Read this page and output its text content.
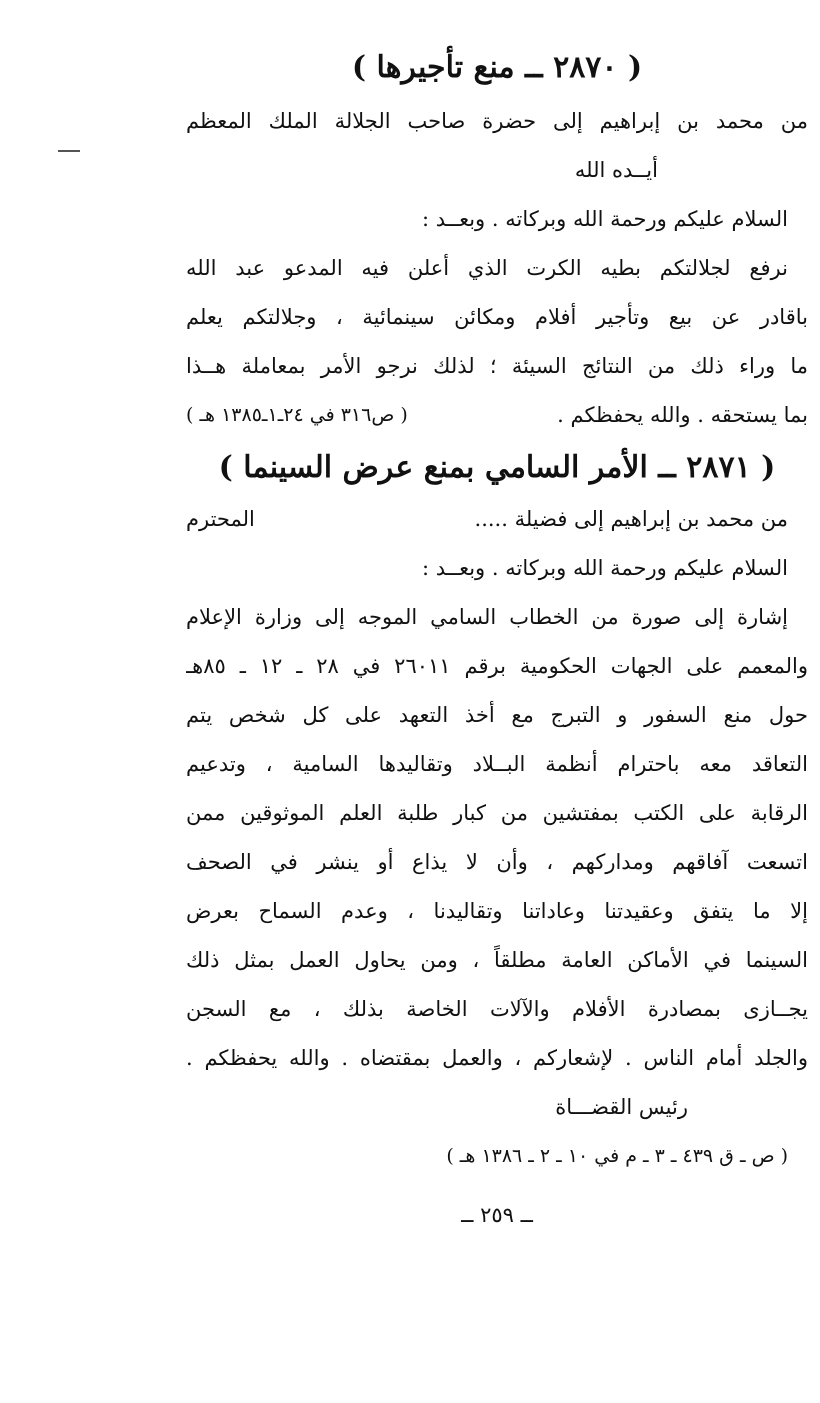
( ٢٨٧٠ ــ منع تأجيرها )

من محمد بن إبراهيم إلى حضرة صاحب الجلالة الملك المعظم

أيــده الله

السلام عليكم ورحمة الله وبركاته . وبعــد :

نرفع لجلالتكم بطيه الكرت الذي أعلن فيه المدعو عبد الله

باقادر عن بيع وتأجير أفلام ومكائن سينمائية ، وجلالتكم يعلم

ما وراء ذلك من النتائج السيئة ؛ لذلك نرجو الأمر بمعاملة هــذا

بما يستحقه . والله يحفظكم .
( ص٣١٦ في ٢٤ـ١ـ١٣٨٥ هـ )
( ٢٨٧١ ــ الأمر السامي بمنع عرض السينما )
من محمد بن إبراهيم إلى فضيلة .....
المحترم

السلام عليكم ورحمة الله وبركاته . وبعــد :

إشارة إلى صورة من الخطاب السامي الموجه إلى وزارة الإعلام

والمعمم على الجهات الحكومية برقم ٢٦٠١١ في ٢٨ ـ ١٢ ـ ٨٥هـ

حول منع السفور و التبرج مع أخذ التعهد على كل شخص يتم

التعاقد معه باحترام أنظمة البــلاد وتقاليدها السامية ، وتدعيم

الرقابة على الكتب بمفتشين من كبار طلبة العلم الموثوقين ممن

اتسعت آفاقهم ومداركهم ، وأن لا يذاع أو ينشر في الصحف

إلا ما يتفق وعقيدتنا وعاداتنا وتقاليدنا ، وعدم السماح بعرض

السينما في الأماكن العامة مطلقاً ، ومن يحاول العمل بمثل ذلك

يجــازى بمصادرة الأفلام والآلات الخاصة بذلك ، مع السجن

والجلد أمام الناس . لإشعاركم ، والعمل بمقتضاه . والله يحفظكم .

رئيس القضـــاة

( ص ـ ق ٤٣٩ ـ ٣ ـ م في ١٠ ـ ٢ ـ ١٣٨٦ هـ )

ــ ٢٥٩ ــ
